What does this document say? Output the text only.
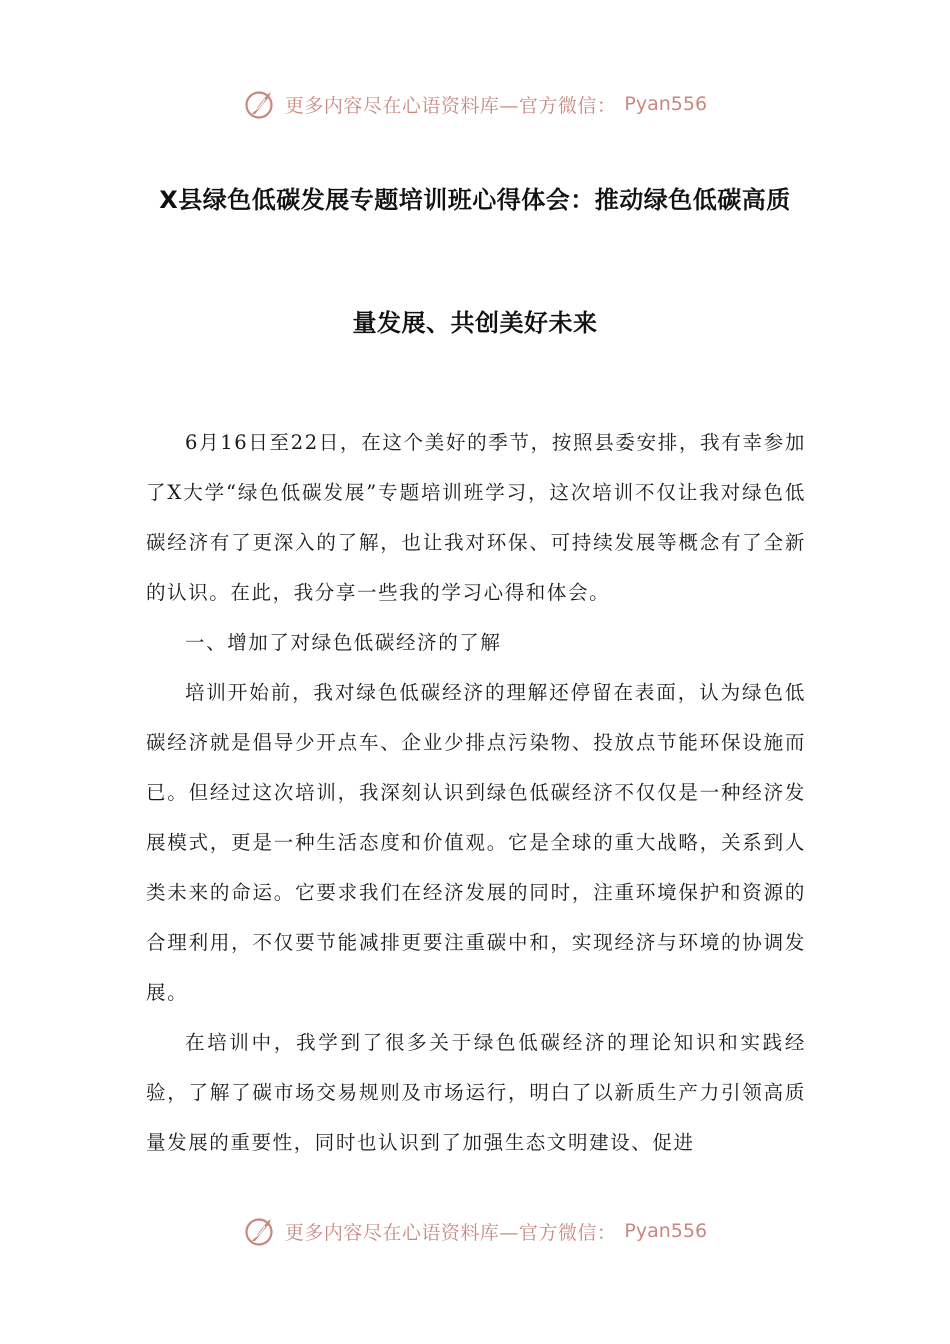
更多内容尽在心语资料库—官方微信： Pyan556
X县绿色低碳发展专题培训班心得体会：推动绿色低碳高质
量发展、共创美好未来

6月16日至22日，在这个美好的季节，按照县委安排，我有幸参加了X大学“绿色低碳发展”专题培训班学习，这次培训不仅让我对绿色低碳经济有了更深入的了解，也让我对环保、可持续发展等概念有了全新的认识。在此，我分享一些我的学习心得和体会。

一、增加了对绿色低碳经济的了解

培训开始前，我对绿色低碳经济的理解还停留在表面，认为绿色低碳经济就是倡导少开点车、企业少排点污染物、投放点节能环保设施而已。但经过这次培训，我深刻认识到绿色低碳经济不仅仅是一种经济发展模式，更是一种生活态度和价值观。它是全球的重大战略，关系到人类未来的命运。它要求我们在经济发展的同时，注重环境保护和资源的合理利用，不仅要节能减排更要注重碳中和，实现经济与环境的协调发展。

在培训中，我学到了很多关于绿色低碳经济的理论知识和实践经验，了解了碳市场交易规则及市场运行，明白了以新质生产力引领高质量发展的重要性，同时也认识到了加强生态文明建设、促进

更多内容尽在心语资料库—官方微信： Pyan556
